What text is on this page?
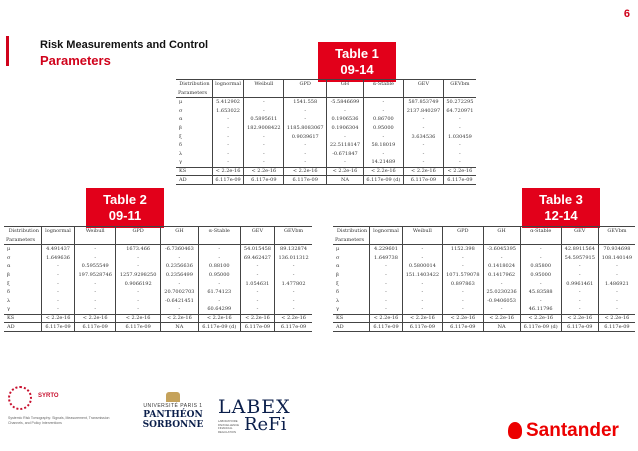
6
Risk Measurements and Control
Parameters	Table 1
09-14
Table 2
09-11
Table 3
12-14
Distribution	lognormal	Weibull	GPD	GH	α-Stable	GEV	GEVbm
Parameters							
μ	5.412902	-	1541.558	-5.5846699	-	587.853749	50.272295
σ	1.653022	-	-	-	-	2137.840297	64.720971
α	-	0.5895611	-	0.1906536	0.86700	-	-
β	-	182.9008422	1185.8083067	0.1906304	0.95000	-	-
ξ	-	-	0.9039617	-	-	3.634536	1.030459
δ	-	-	-	22.5118147	58.18019	-	-
λ	-	-	-	-0.671847	-	-	-
γ	-	-	-	-	14.21489	-	-
KS	< 2.2e-16	< 2.2e-16	< 2.2e-16	< 2.2e-16	< 2.2e-16	< 2.2e-16	< 2.2e-16
AD	6.117e-09	6.117e-09	6.117e-09	NA	6.117e-09 (d)	6.117e-09	6.117e-09
Distribution	lognormal	Weibull	GPD	GH	α-Stable	GEV	GEVbm
Parameters							
μ	4.491437	-	1673.466	-6.7360463	-	54.015458	89.132874
σ	1.649636	-	-	-	-	69.462427	136.011312
α	-	0.5955549	-	0.2356636	0.88100	-	-
β	-	197.9528746	1257.9298250	0.2356499	0.95000	-	-
ξ	-	-	0.9066192	-	-	1.054631	1.477802
δ	-	-	-	20.7002703	61.74123	-	-
λ	-	-	-	-0.6421451	-	-	-
γ	-	-	-	-	60.64299	-	-
KS	< 2.2e-16	< 2.2e-16	< 2.2e-16	< 2.2e-16	< 2.2e-16	< 2.2e-16	< 2.2e-16
AD	6.117e-09	6.117e-09	6.117e-09	NA	6.117e-09 (d)	6.117e-09	6.117e-09
Distribution	lognormal	Weibull	GPD	GH	α-Stable	GEV	GEVbm
Parameters							
μ	4.229601	-	1152.398	-3.6045395	-	42.8911564	70.934698
σ	1.649738	-	-	-	-	54.5957915	108.140149
α	-	0.5800014	-	0.1418024	0.85800	-	-
β	-	151.1403422	1071.579078	0.1417962	0.95000	-	-
ξ	-	-	0.897863	-	-	0.9961461	1.486921
δ	-	-	-	25.0230236	45.83588	-	-
λ	-	-	-	-0.9406053	-	-	-
γ	-	-	-	-	46.11796	-	-
KS	< 2.2e-16	< 2.2e-16	< 2.2e-16	< 2.2e-16	< 2.2e-16	< 2.2e-16	< 2.2e-16
AD	6.117e-09	6.117e-09	6.117e-09	NA	6.117e-09 (d)	6.117e-09	6.117e-09
SYRTO
Systemic Risk Tomography: Signals, Measurement, Transmission Channels, and Policy Interventions
UNIVERSITÉ PARIS 1
PANTHÉON SORBONNE
LABEX
ReFi
LABORATOIRE D'EXCELLENCE FINANCIAL REGULATION	Santander
